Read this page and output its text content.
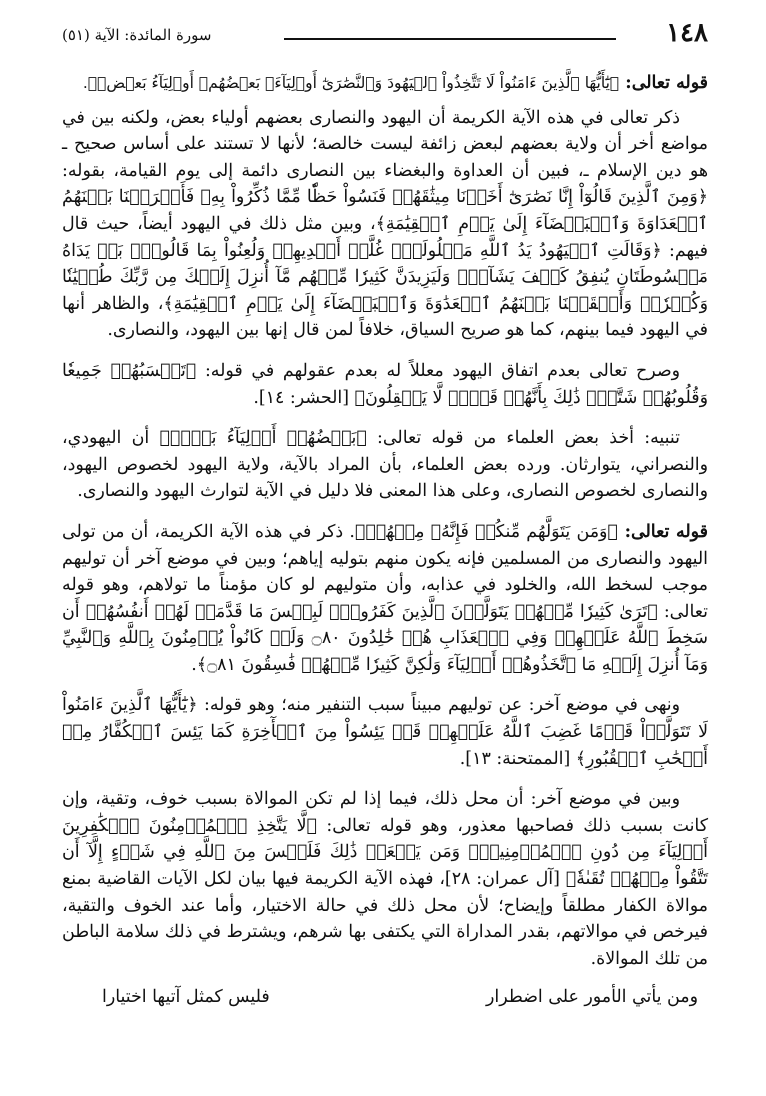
١٤٨
سورة المائدة: الآية (٥١)

قوله تعالى: ﴿يَٰٓأَيُّهَا ٱلَّذِينَ ءَامَنُواْ لَا تَتَّخِذُواْ ٱلۡيَهُودَ وَٱلنَّصَٰرَىٰٓ أَوۡلِيَآءَۘ بَعۡضُهُمۡ أَوۡلِيَآءُ بَعۡضٖ﴾.

ذكر تعالى في هذه الآية الكريمة أن اليهود والنصارى بعضهم أولياء بعض، ولكنه بين في مواضع أخر أن ولاية بعضهم لبعض زائفة ليست خالصة؛ لأنها لا تستند على أساس صحيح ـ هو دين الإسلام ـ، فبين أن العداوة والبغضاء بين النصارى دائمة إلى يوم القيامة، بقوله: ﴿وَمِنَ ٱلَّذِينَ قَالُوٓاْ إِنَّا نَصَٰرَىٰٓ أَخَذۡنَا مِيثَٰقَهُمۡ فَنَسُواْ حَظّٗا مِّمَّا ذُكِّرُواْ بِهِۦ فَأَغۡرَيۡنَا بَيۡنَهُمُ ٱلۡعَدَاوَةَ وَٱلۡبَغۡضَآءَ إِلَىٰ يَوۡمِ ٱلۡقِيَٰمَةِ﴾، وبين مثل ذلك في اليهود أيضاً، حيث قال فيهم: ﴿وَقَالَتِ ٱلۡيَهُودُ يَدُ ٱللَّهِ مَغۡلُولَةٌۚ غُلَّتۡ أَيۡدِيهِمۡ وَلُعِنُواْ بِمَا قَالُواْۘ بَلۡ يَدَاهُ مَبۡسُوطَتَانِ يُنفِقُ كَيۡفَ يَشَآءُۚ وَلَيَزِيدَنَّ كَثِيرٗا مِّنۡهُم مَّآ أُنزِلَ إِلَيۡكَ مِن رَّبِّكَ طُغۡيَٰنٗا وَكُفۡرٗاۚ وَأَلۡقَيۡنَا بَيۡنَهُمُ ٱلۡعَدَٰوَةَ وَٱلۡبَغۡضَآءَ إِلَىٰ يَوۡمِ ٱلۡقِيَٰمَةِ﴾، والظاهر أنها في اليهود فيما بينهم، كما هو صريح السياق، خلافاً لمن قال إنها بين اليهود، والنصارى.

وصرح تعالى بعدم اتفاق اليهود معللاً له بعدم عقولهم في قوله: ﴿تَحۡسَبُهُمۡ جَمِيعٗا وَقُلُوبُهُمۡ شَتَّىٰۚ ذَٰلِكَ بِأَنَّهُمۡ قَوۡمٞ لَّا يَعۡقِلُونَ﴾ [الحشر: ١٤].

تنبيه: أخذ بعض العلماء من قوله تعالى: ﴿بَعۡضُهُمۡ أَوۡلِيَآءُ بَعۡضٖ﴾ أن اليهودي، والنصراني، يتوارثان. ورده بعض العلماء، بأن المراد بالآية، ولاية اليهود لخصوص اليهود، والنصارى لخصوص النصارى، وعلى هذا المعنى فلا دليل في الآية لتوارث اليهود والنصارى.

قوله تعالى: ﴿وَمَن يَتَوَلَّهُم مِّنكُمۡ فَإِنَّهُۥ مِنۡهُمۡ﴾. ذكر في هذه الآية الكريمة، أن من تولى اليهود والنصارى من المسلمين فإنه يكون منهم بتوليه إياهم؛ وبين في موضع آخر أن توليهم موجب لسخط الله، والخلود في عذابه، وأن متوليهم لو كان مؤمناً ما تولاهم، وهو قوله تعالى: ﴿تَرَىٰ كَثِيرٗا مِّنۡهُمۡ يَتَوَلَّوۡنَ ٱلَّذِينَ كَفَرُواْۚ لَبِئۡسَ مَا قَدَّمَتۡ لَهُمۡ أَنفُسُهُمۡ أَن سَخِطَ ٱللَّهُ عَلَيۡهِمۡ وَفِي ٱلۡعَذَابِ هُمۡ خَٰلِدُونَ ۝٨٠ وَلَوۡ كَانُواْ يُؤۡمِنُونَ بِٱللَّهِ وَٱلنَّبِيِّ وَمَآ أُنزِلَ إِلَيۡهِ مَا ٱتَّخَذُوهُمۡ أَوۡلِيَآءَ وَلَٰكِنَّ كَثِيرٗا مِّنۡهُمۡ فَٰسِقُونَ ۝٨١﴾.

ونهى في موضع آخر: عن توليهم مبيناً سبب التنفير منه؛ وهو قوله: ﴿يَٰٓأَيُّهَا ٱلَّذِينَ ءَامَنُواْ لَا تَتَوَلَّوۡاْ قَوۡمًا غَضِبَ ٱللَّهُ عَلَيۡهِمۡ قَدۡ يَئِسُواْ مِنَ ٱلۡأٓخِرَةِ كَمَا يَئِسَ ٱلۡكُفَّارُ مِنۡ أَصۡحَٰبِ ٱلۡقُبُورِ﴾ [الممتحنة: ١٣].

وبين في موضع آخر: أن محل ذلك، فيما إذا لم تكن الموالاة بسبب خوف، وتقية، وإن كانت بسبب ذلك فصاحبها معذور، وهو قوله تعالى: ﴿لَّا يَتَّخِذِ ٱلۡمُؤۡمِنُونَ ٱلۡكَٰفِرِينَ أَوۡلِيَآءَ مِن دُونِ ٱلۡمُؤۡمِنِينَۖ وَمَن يَفۡعَلۡ ذَٰلِكَ فَلَيۡسَ مِنَ ٱللَّهِ فِي شَيۡءٍ إِلَّآ أَن تَتَّقُواْ مِنۡهُمۡ تُقَىٰةٗ﴾ [آل عمران: ٢٨]، فهذه الآية الكريمة فيها بيان لكل الآيات القاضية بمنع موالاة الكفار مطلقاً وإيضاح؛ لأن محل ذلك في حالة الاختيار، وأما عند الخوف والتقية، فيرخص في موالاتهم، بقدر المداراة التي يكتفى بها شرهم، ويشترط في ذلك سلامة الباطن من تلك الموالاة.

ومن يأتي الأمور على اضطرار
فليس كمثل آتيها اختيارا
